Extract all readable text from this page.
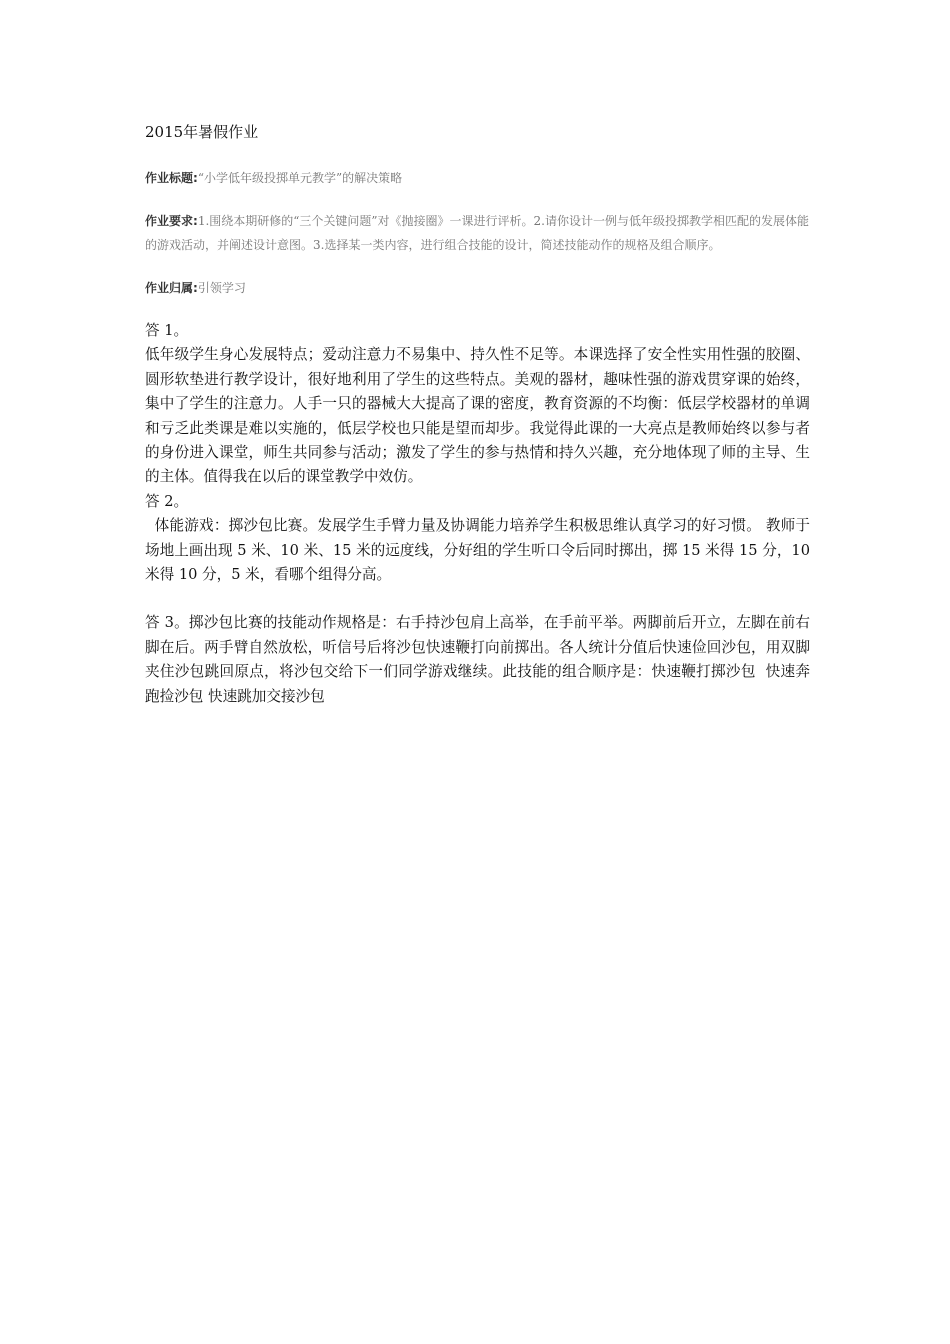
2015年暑假作业
作业标题:“小学低年级投掷单元教学”的解决策略
作业要求:1.围绕本期研修的“三个关键问题”对《抛接圈》一课进行评析。2.请你设计一例与低年级投掷教学相匹配的发展体能的游戏活动，并阐述设计意图。3.选择某一类内容，进行组合技能的设计，简述技能动作的规格及组合顺序。
作业归属:引领学习

答 1。

低年级学生身心发展特点；爱动注意力不易集中、持久性不足等。本课选择了安全性实用性强的胶圈、圆形软垫进行教学设计，很好地利用了学生的这些特点。美观的器材，趣味性强的游戏贯穿课的始终，集中了学生的注意力。人手一只的器械大大提高了课的密度，教育资源的不均衡：低层学校器材的单调和亏乏此类课是难以实施的，低层学校也只能是望而却步。我觉得此课的一大亮点是教师始终以参与者的身份进入课堂，师生共同参与活动；激发了学生的参与热情和持久兴趣，充分地体现了师的主导、生的主体。值得我在以后的课堂教学中效仿。

答 2。

体能游戏：掷沙包比赛。发展学生手臂力量及协调能力培养学生积极思维认真学习的好习惯。 教师于场地上画出现 5 米、10 米、15 米的远度线，分好组的学生听口令后同时掷出，掷 15 米得 15 分，10 米得 10 分，5 米，看哪个组得分高。

答 3。掷沙包比赛的技能动作规格是：右手持沙包肩上高举，在手前平举。两脚前后开立，左脚在前右脚在后。两手臂自然放松，听信号后将沙包快速鞭打向前掷出。各人统计分值后快速俭回沙包，用双脚夹住沙包跳回原点，将沙包交给下一们同学游戏继续。此技能的组合顺序是：快速鞭打掷沙包  快速奔跑捡沙包 快速跳加交接沙包
